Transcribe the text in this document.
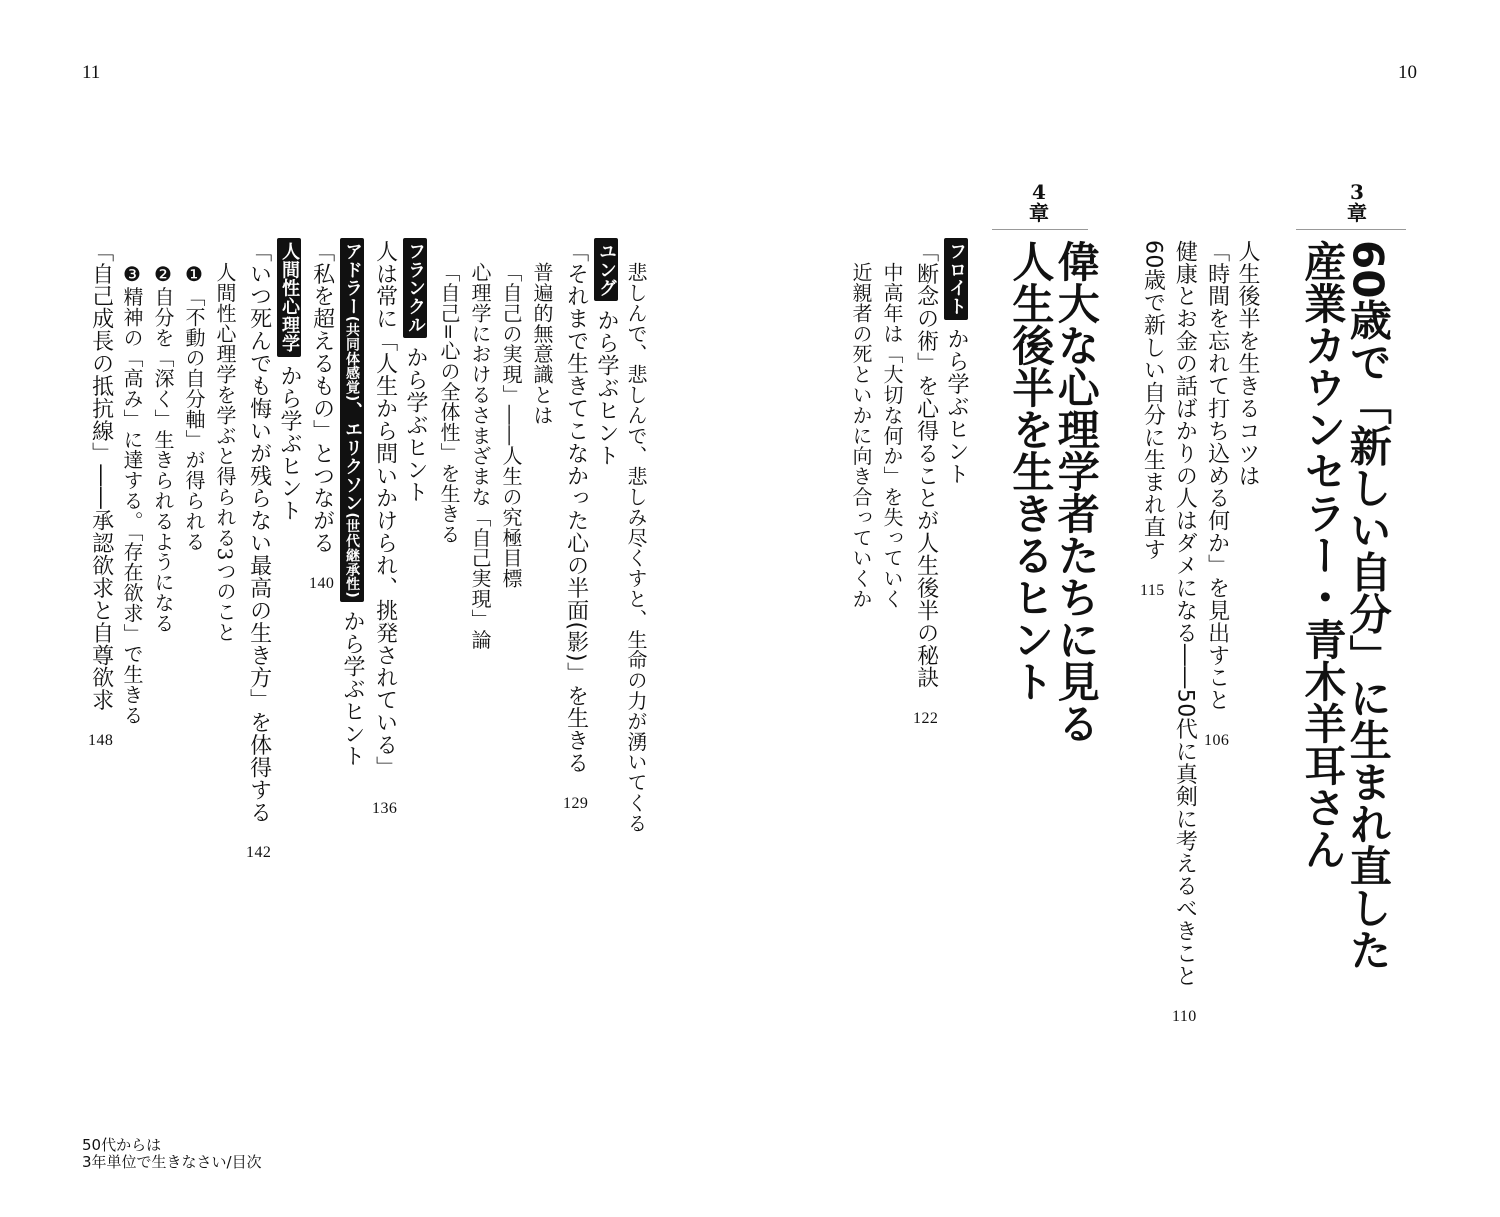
11	10
3
章
60歳で「新しい自分」に生まれ直した
産業カウンセラー・青木羊耳さん
人生後半を生きるコツは
「時間を忘れて打ち込める何か」を見出すこと106
健康とお金の話ばかりの人はダメになる――50代に真剣に考えるべきこと110
60歳で新しい自分に生まれ直す115
4
章
偉大な心理学者たちに見る
人生後半を生きるヒント
フロイトから学ぶヒント
「断念の術」を心得ることが人生後半の秘訣122
中高年は「大切な何か」を失っていく
近親者の死といかに向き合っていくか
悲しんで、悲しんで、悲しみ尽くすと、生命の力が湧いてくる
ユングから学ぶヒント
「それまで生きてこなかった心の半面(影)」を生きる129
普遍的無意識とは
「自己の実現」――人生の究極目標
心理学におけるさまざまな「自己実現」論
「自己=心の全体性」を生きる
フランクルから学ぶヒント
人は常に「人生から問いかけられ、挑発されている」136
アドラー(共同体感覚)、エリクソン(世代継承性)から学ぶヒント
「私を超えるもの」とつながる140
人間性心理学から学ぶヒント
「いつ死んでも悔いが残らない最高の生き方」を体得する142
人間性心理学を学ぶと得られる3つのこと
❶「不動の自分軸」が得られる
❷自分を「深く」生きられるようになる
❸精神の「高み」に達する。「存在欲求」で生きる
「自己成長の抵抗線」――承認欲求と自尊欲求148
50代からは
3年単位で生きなさい/目次
